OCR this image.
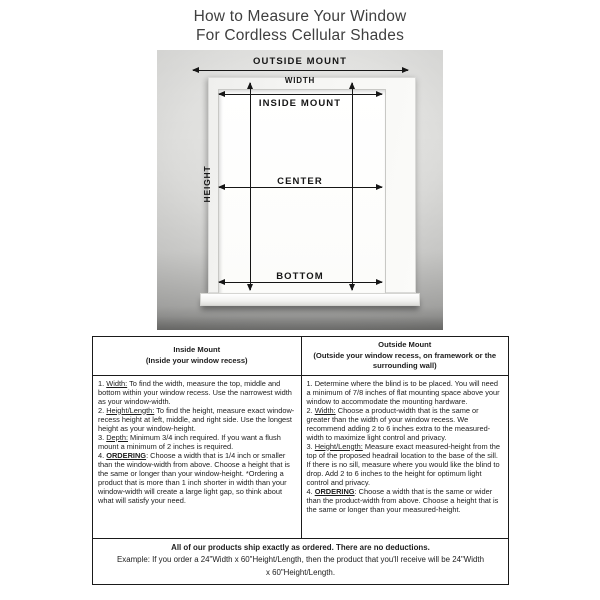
How to Measure Your Window
For Cordless Cellular Shades
OUTSIDE MOUNT
WIDTH
INSIDE MOUNT
HEIGHT	CENTER
BOTTOM
Inside Mount
(Inside your window recess)
Outside Mount
(Outside your window recess, on framework or the surrounding wall)
1. Width: To find the width, measure the top, middle and bottom within your window recess. Use the narrowest width as your window-width.
2. Height/Length: To find the height, measure exact window-recess height at left, middle, and right side. Use the longest height as your window-height.
3. Depth: Minimum 3/4 inch required. If you want a flush mount a minimum of 2 inches is required.
4. ORDERING: Choose a width that is 1/4 inch or smaller than the window-width from above. Choose a height that is the same or longer than your window-height. *Ordering a product that is more than 1 inch shorter in width than your window-width will create a large light gap, so think about what will satisfy your need.
1. Determine where the blind is to be placed. You will need a minimum of 7/8 inches of flat mounting space above your window to accommodate the mounting hardware.
2. Width: Choose a product-width that is the same or greater than the width of your window recess. We recommend adding 2 to 6 inches extra to the measured-width to maximize light control and privacy.
3. Height/Length: Measure exact measured-height from the top of the proposed headrail location to the base of the sill. If there is no sill, measure where you would like the blind to drop. Add 2 to 6 inches to the height for optimum light control and privacy.
4. ORDERING: Choose a width that is the same or wider than the product-width from above. Choose a height that is the same or longer than your measured-height.
All of our products ship exactly as ordered. There are no deductions.
Example: If you order a 24"Width x 60"Height/Length, then the product that you'll receive will be 24"Width x 60"Height/Length.
